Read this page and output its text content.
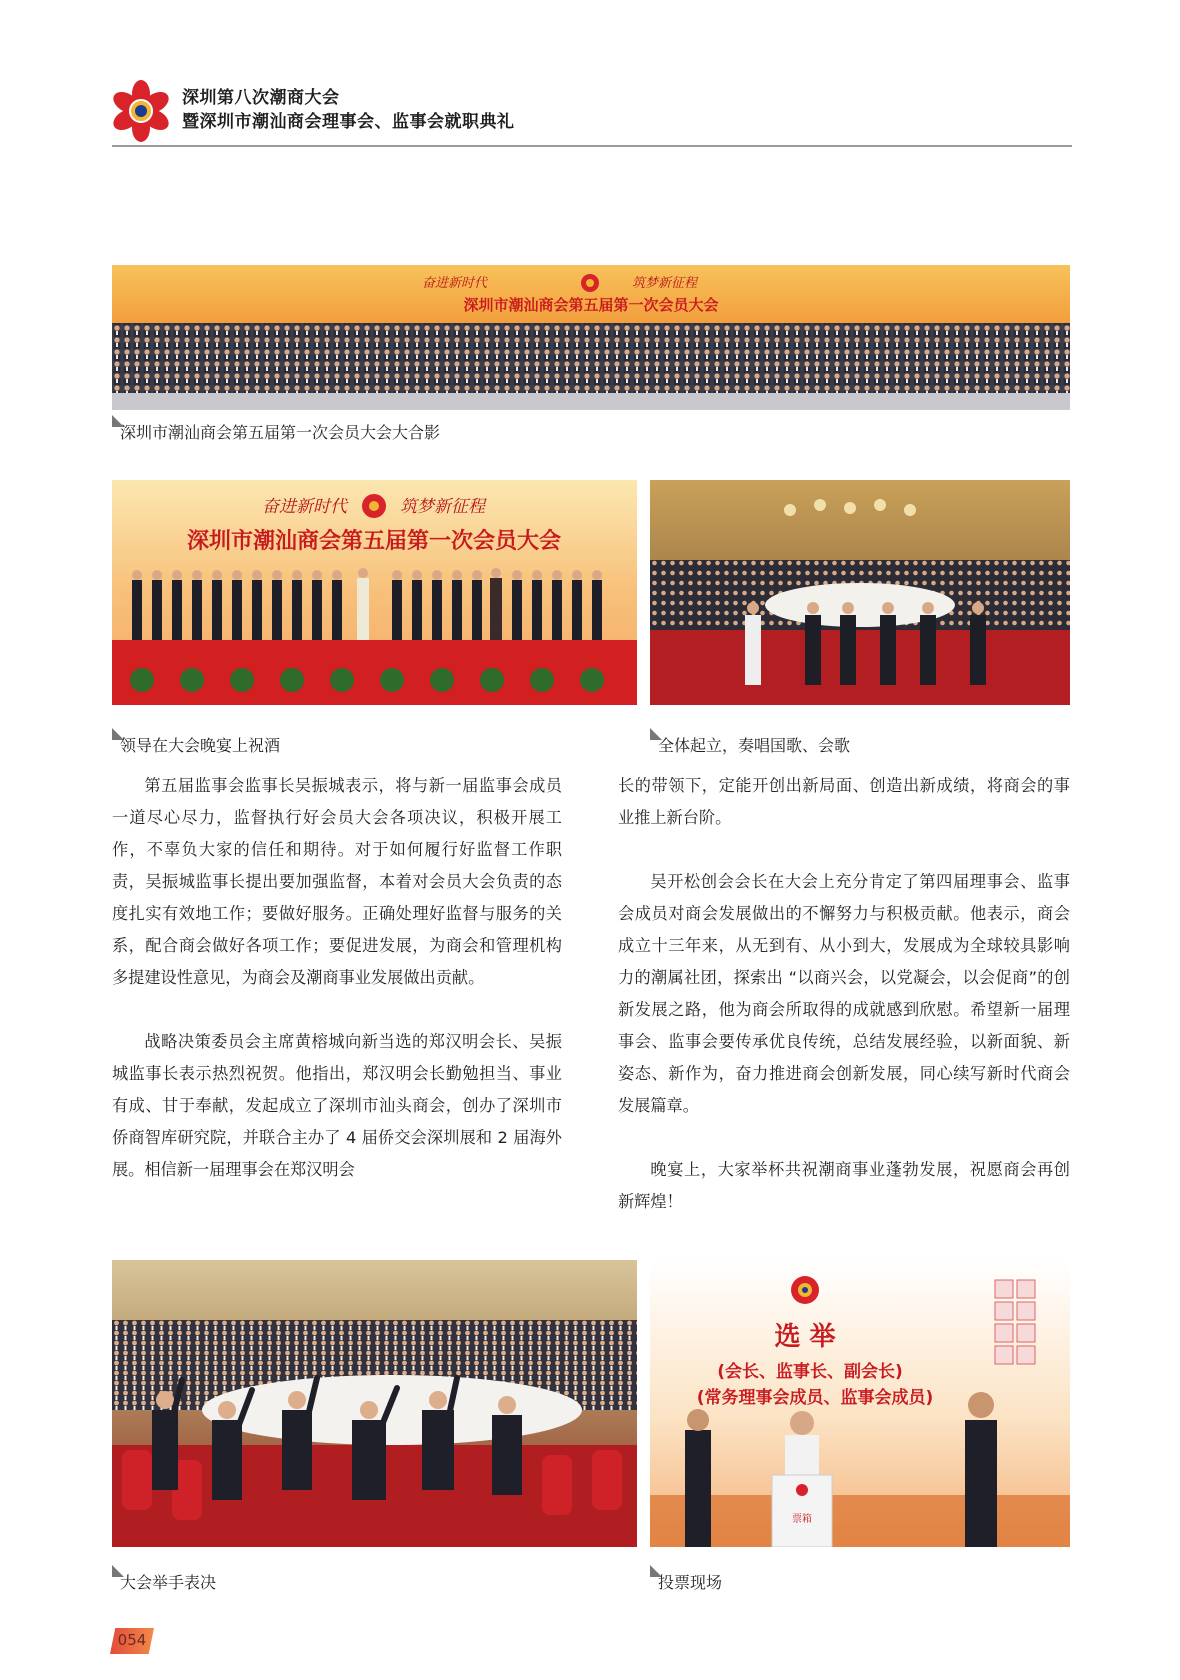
深圳第八次潮商大会
暨深圳市潮汕商会理事会、监事会就职典礼
奋进新时代	筑梦新征程
深圳市潮汕商会第五届第一次会员大会
深圳市潮汕商会第五届第一次会员大会大合影
奋进新时代	筑梦新征程
深圳市潮汕商会第五届第一次会员大会
领导在大会晚宴上祝酒	全体起立，奏唱国歌、会歌

第五届监事会监事长吴振城表示，将与新一届监事会成员一道尽心尽力，监督执行好会员大会各项决议，积极开展工作，不辜负大家的信任和期待。对于如何履行好监督工作职责，吴振城监事长提出要加强监督，本着对会员大会负责的态度扎实有效地工作；要做好服务。正确处理好监督与服务的关系，配合商会做好各项工作；要促进发展，为商会和管理机构多提建设性意见，为商会及潮商事业发展做出贡献。

战略决策委员会主席黄榕城向新当选的郑汉明会长、吴振城监事长表示热烈祝贺。他指出，郑汉明会长勤勉担当、事业有成、甘于奉献，发起成立了深圳市汕头商会，创办了深圳市侨商智库研究院，并联合主办了 4 届侨交会深圳展和 2 届海外展。相信新一届理事会在郑汉明会

长的带领下，定能开创出新局面、创造出新成绩，将商会的事业推上新台阶。

吴开松创会会长在大会上充分肯定了第四届理事会、监事会成员对商会发展做出的不懈努力与积极贡献。他表示，商会成立十三年来，从无到有、从小到大，发展成为全球较具影响力的潮属社团，探索出 “以商兴会，以党凝会，以会促商”的创新发展之路，他为商会所取得的成就感到欣慰。希望新一届理事会、监事会要传承优良传统，总结发展经验，以新面貌、新姿态、新作为，奋力推进商会创新发展，同心续写新时代商会发展篇章。

晚宴上，大家举杯共祝潮商事业蓬勃发展，祝愿商会再创新辉煌！

大会举手表决
选 举
(会长、监事长、副会长)
(常务理事会成员、监事会成员)
票箱
投票现场
054
